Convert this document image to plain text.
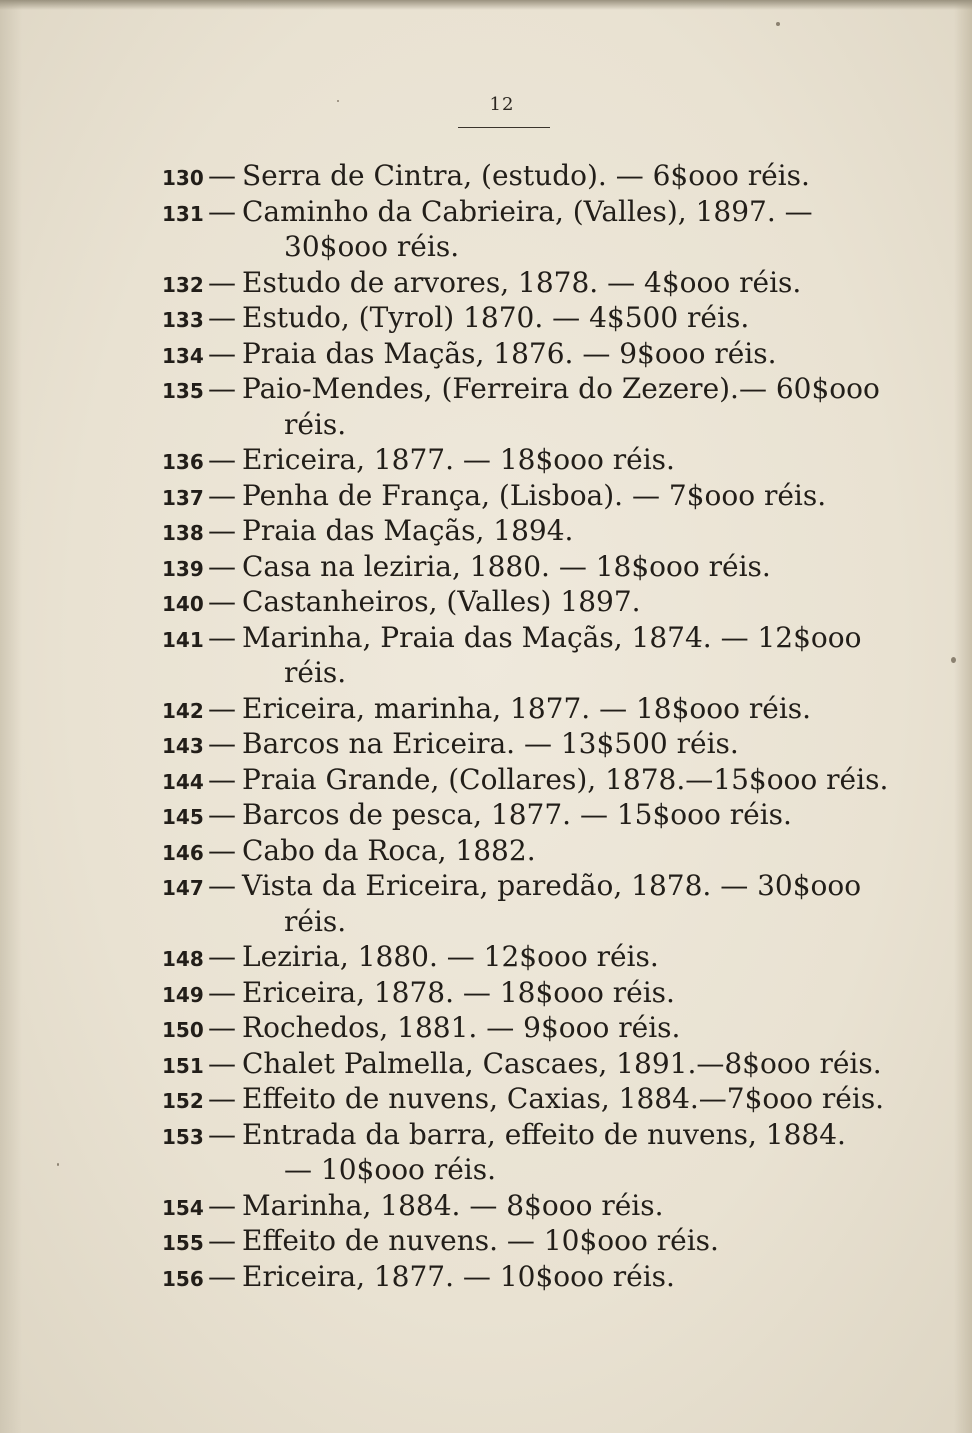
12
130 — Serra de Cintra, (estudo). — 6$ooo réis.
131 — Caminho da Cabrieira, (Valles), 1897. —
30$ooo réis.
132 — Estudo de arvores, 1878. — 4$ooo réis.
133 — Estudo, (Tyrol) 1870. — 4$500 réis.
134 — Praia das Maçãs, 1876. — 9$ooo réis.
135 — Paio-Mendes, (Ferreira do Zezere).— 60$ooo
réis.
136 — Ericeira, 1877. — 18$ooo réis.
137 — Penha de França, (Lisboa). — 7$ooo réis.
138 — Praia das Maçãs, 1894.
139 — Casa na leziria, 1880. — 18$ooo réis.
140 — Castanheiros, (Valles) 1897.
141 — Marinha, Praia das Maçãs, 1874. — 12$ooo
réis.
142 — Ericeira, marinha, 1877. — 18$ooo réis.
143 — Barcos na Ericeira. — 13$500 réis.
144 — Praia Grande, (Collares), 1878.—15$ooo réis.
145 — Barcos de pesca, 1877. — 15$ooo réis.
146 — Cabo da Roca, 1882.
147 — Vista da Ericeira, paredão, 1878. — 30$ooo
réis.
148 — Leziria, 1880. — 12$ooo réis.
149 — Ericeira, 1878. — 18$ooo réis.
150 — Rochedos, 1881. — 9$ooo réis.
151 — Chalet Palmella, Cascaes, 1891.—8$ooo réis.
152 — Effeito de nuvens, Caxias, 1884.—7$ooo réis.
153 — Entrada da barra, effeito de nuvens, 1884.
— 10$ooo réis.
154 — Marinha, 1884. — 8$ooo réis.
155 — Effeito de nuvens. — 10$ooo réis.
156 — Ericeira, 1877. — 10$ooo réis.
